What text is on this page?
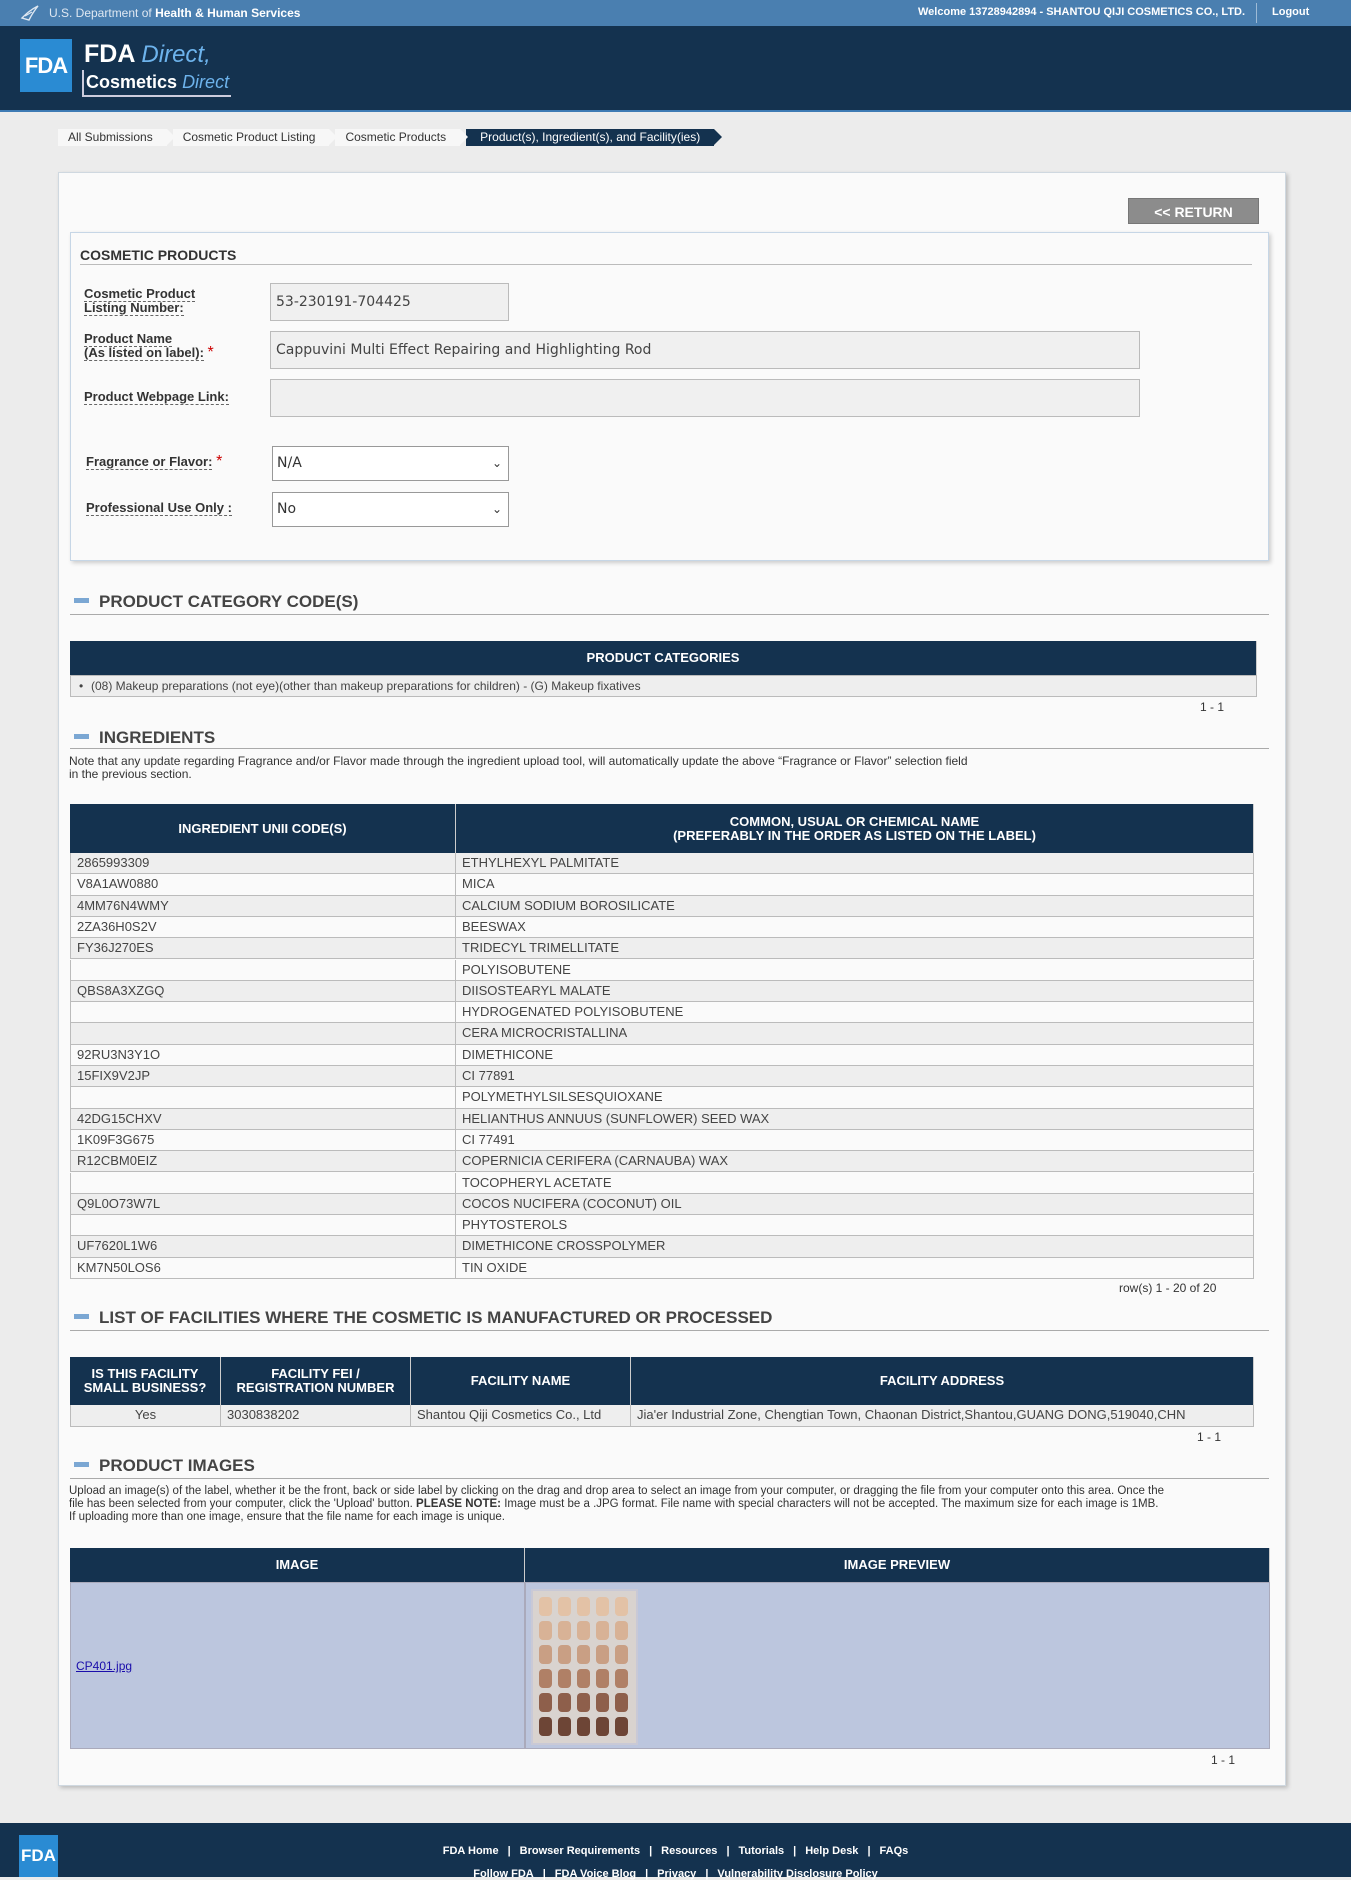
U.S. Department of Health & Human Services	Welcome 13728942894 - SHANTOU QIJI COSMETICS CO., LTD. Logout
FDA FDA Direct,
Cosmetics Direct
All Submissions	Cosmetic Product Listing	Cosmetic Products	Product(s), Ingredient(s), and Facility(ies)
<< RETURN
COSMETIC PRODUCTS
Cosmetic Product
Listing Number:	53-230191-704425
Product Name
(As listed on label): *	Cappuvini Multi Effect Repairing and Highlighting Rod
Product Webpage Link:
Fragrance or Flavor: *	N/A	⌄
Professional Use Only :	No	⌄
PRODUCT CATEGORY CODE(S)
PRODUCT CATEGORIES
• (08) Makeup preparations (not eye)(other than makeup preparations for children) - (G) Makeup fixatives
1 - 1
INGREDIENTS
Note that any update regarding Fragrance and/or Flavor made through the ingredient upload tool, will automatically update the above “Fragrance or Flavor” selection field
in the previous section.
INGREDIENT UNII CODE(S)	COMMON, USUAL OR CHEMICAL NAME
(PREFERABLY IN THE ORDER AS LISTED ON THE LABEL)
2865993309	ETHYLHEXYL PALMITATE
V8A1AW0880	MICA
4MM76N4WMY	CALCIUM SODIUM BOROSILICATE
2ZA36H0S2V	BEESWAX
FY36J270ES	TRIDECYL TRIMELLITATE
POLYISOBUTENE
QBS8A3XZGQ	DIISOSTEARYL MALATE
HYDROGENATED POLYISOBUTENE
CERA MICROCRISTALLINA
92RU3N3Y1O	DIMETHICONE
15FIX9V2JP	CI 77891
POLYMETHYLSILSESQUIOXANE
42DG15CHXV	HELIANTHUS ANNUUS (SUNFLOWER) SEED WAX
1K09F3G675	CI 77491
R12CBM0EIZ	COPERNICIA CERIFERA (CARNAUBA) WAX
TOCOPHERYL ACETATE
Q9L0O73W7L	COCOS NUCIFERA (COCONUT) OIL
PHYTOSTEROLS
UF7620L1W6	DIMETHICONE CROSSPOLYMER
KM7N50LOS6	TIN OXIDE
row(s) 1 - 20 of 20
LIST OF FACILITIES WHERE THE COSMETIC IS MANUFACTURED OR PROCESSED
IS THIS FACILITY
SMALL BUSINESS?
FACILITY FEI /
REGISTRATION NUMBER	FACILITY NAME	FACILITY ADDRESS
Yes	3030838202	Shantou Qiji Cosmetics Co., Ltd	Jia'er Industrial Zone, Chengtian Town, Chaonan District,Shantou,GUANG DONG,519040,CHN
1 - 1
PRODUCT IMAGES
Upload an image(s) of the label, whether it be the front, back or side label by clicking on the drag and drop area to select an image from your computer, or dragging the file from your computer onto this area. Once the
file has been selected from your computer, click the 'Upload' button. PLEASE NOTE: Image must be a .JPG format. File name with special characters will not be accepted. The maximum size for each image is 1MB.
If uploading more than one image, ensure that the file name for each image is unique.
IMAGE	IMAGE PREVIEW
CP401.jpg
1 - 1
FDA	FDA Home | Browser Requirements | Resources | Tutorials | Help Desk | FAQs
Follow FDA | FDA Voice Blog | Privacy | Vulnerability Disclosure Policy
